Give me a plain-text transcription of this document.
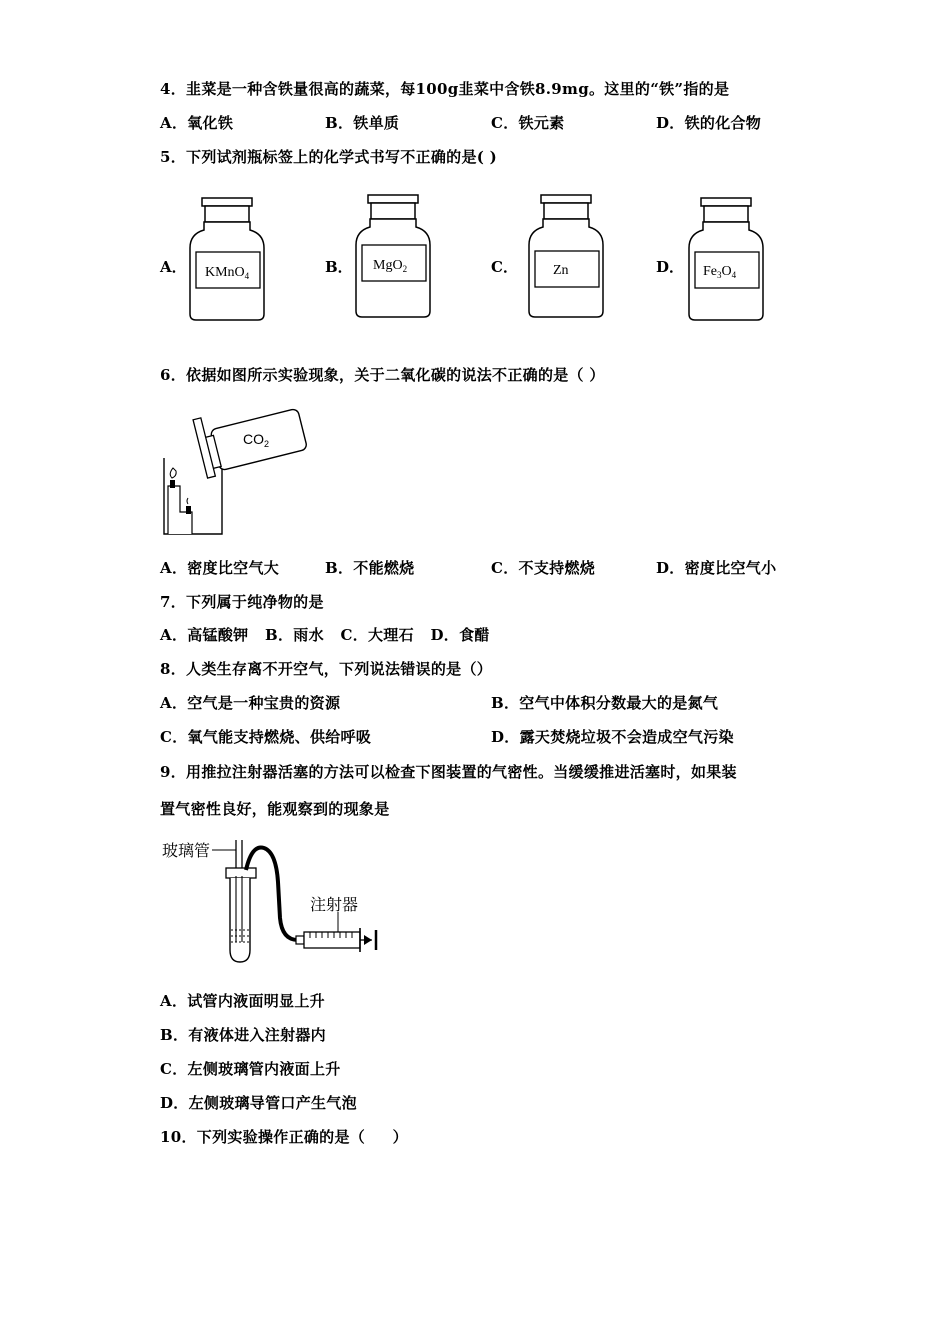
4．韭菜是一种含铁量很高的蔬菜，每100g韭菜中含铁8.9mg。这里的“铁”指的是
A．氧化铁	B．铁单质	C．铁元素	D．铁的化合物
5．下列试剂瓶标签上的化学式书写不正确的是( )
A．	B．	C．	D．
KMnO$_4$
MgO$_2$	Zn	$Fe_3O_4$
6．依据如图所示实验现象，关于二氧化碳的说法不正确的是（ ）
$CO_2$
A．密度比空气大	B．不能燃烧	C．不支持燃烧	D．密度比空气小
7．下列属于纯净物的是
A．高锰酸钾   B．雨水   C．大理石   D．食醋
8．人类生存离不开空气，下列说法错误的是（）
A．空气是一种宝贵的资源	B．空气中体积分数最大的是氮气
C．氧气能支持燃烧、供给呼吸	D．露天焚烧垃圾不会造成空气污染
9．用推拉注射器活塞的方法可以检查下图装置的气密性。当缓缓推进活塞时，如果装
置气密性良好，能观察到的现象是
玻璃管
注射器
A．试管内液面明显上升
B．有液体进入注射器内
C．左侧玻璃管内液面上升
D．左侧玻璃导管口产生气泡
10．下列实验操作正确的是（     ）
